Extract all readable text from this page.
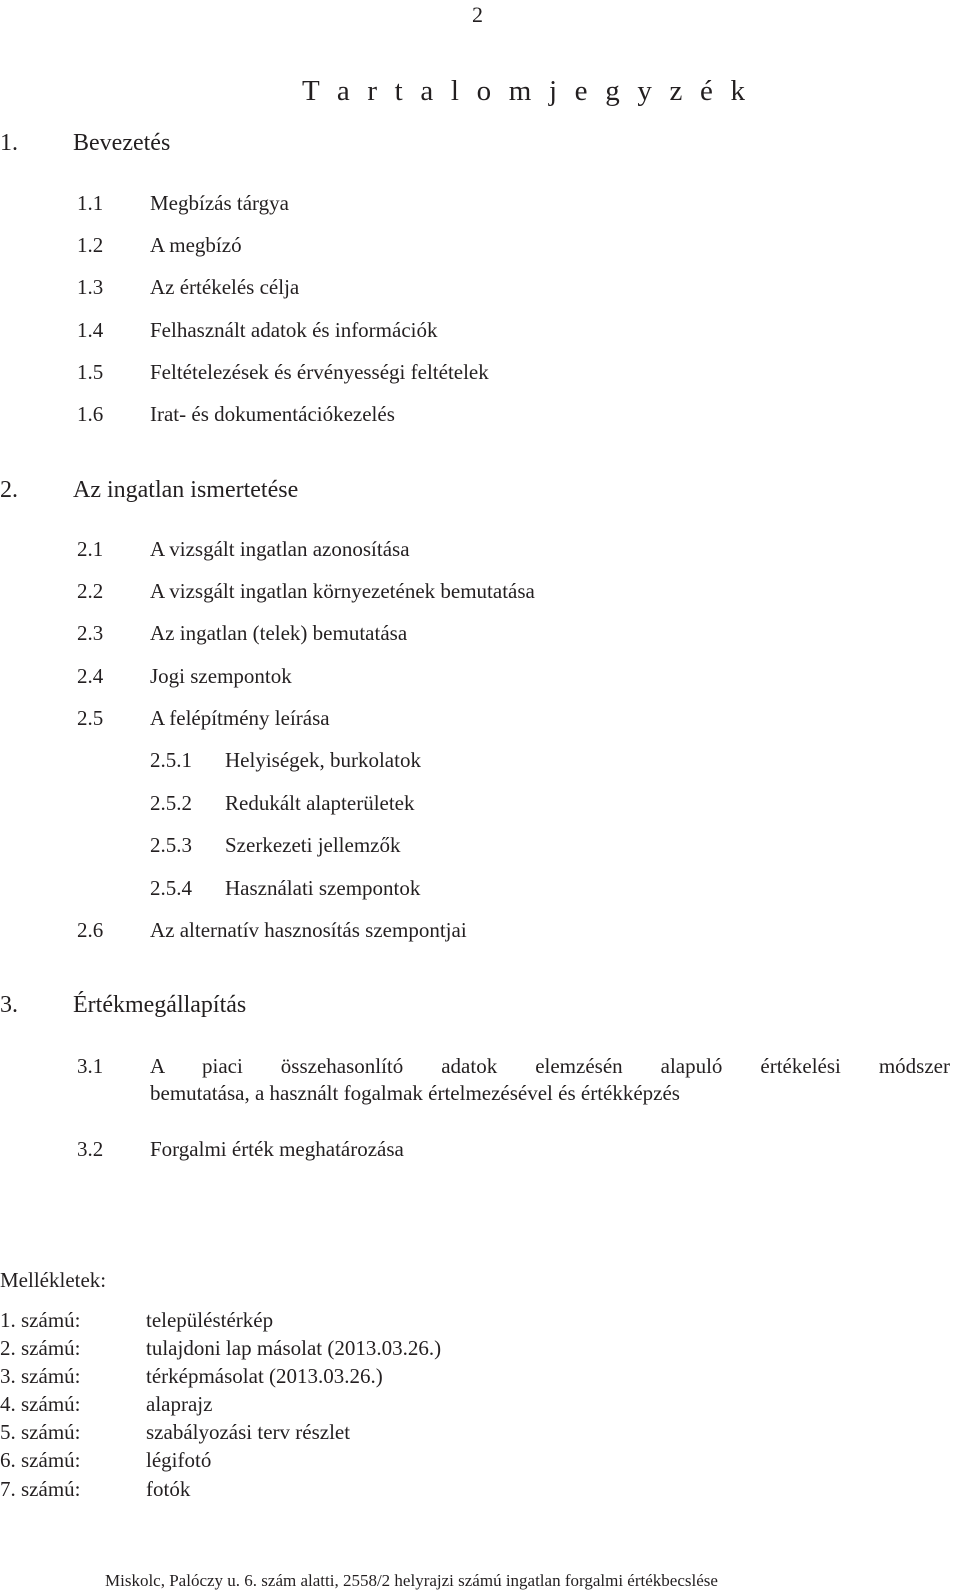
2
T a r t a l o m j e g y z é k
1. Bevezetés
1.1 Megbízás tárgya
1.2 A megbízó
1.3 Az értékelés célja
1.4 Felhasznált adatok és információk
1.5 Feltételezések és érvényességi feltételek
1.6 Irat- és dokumentációkezelés
2. Az ingatlan ismertetése
2.1 A vizsgált ingatlan azonosítása
2.2 A vizsgált ingatlan környezetének bemutatása
2.3 Az ingatlan (telek) bemutatása
2.4 Jogi szempontok
2.5 A felépítmény leírása
2.5.1 Helyiségek, burkolatok
2.5.2 Redukált alapterületek
2.5.3 Szerkezeti jellemzők
2.5.4 Használati szempontok
2.6 Az alternatív hasznosítás szempontjai
3. Értékmegállapítás
3.1 A piaci összehasonlító adatok elemzésén alapuló értékelési módszer
bemutatása, a használt fogalmak értelmezésével és értékképzés
3.2 Forgalmi érték meghatározása
Mellékletek:
1. számú:	településtérkép
2. számú:	tulajdoni lap másolat (2013.03.26.)
3. számú:	térképmásolat (2013.03.26.)
4. számú:	alaprajz
5. számú:	szabályozási terv részlet
6. számú:	légifotó
7. számú:	fotók
Miskolc, Palóczy u. 6. szám alatti, 2558/2 helyrajzi számú ingatlan forgalmi értékbecslése
